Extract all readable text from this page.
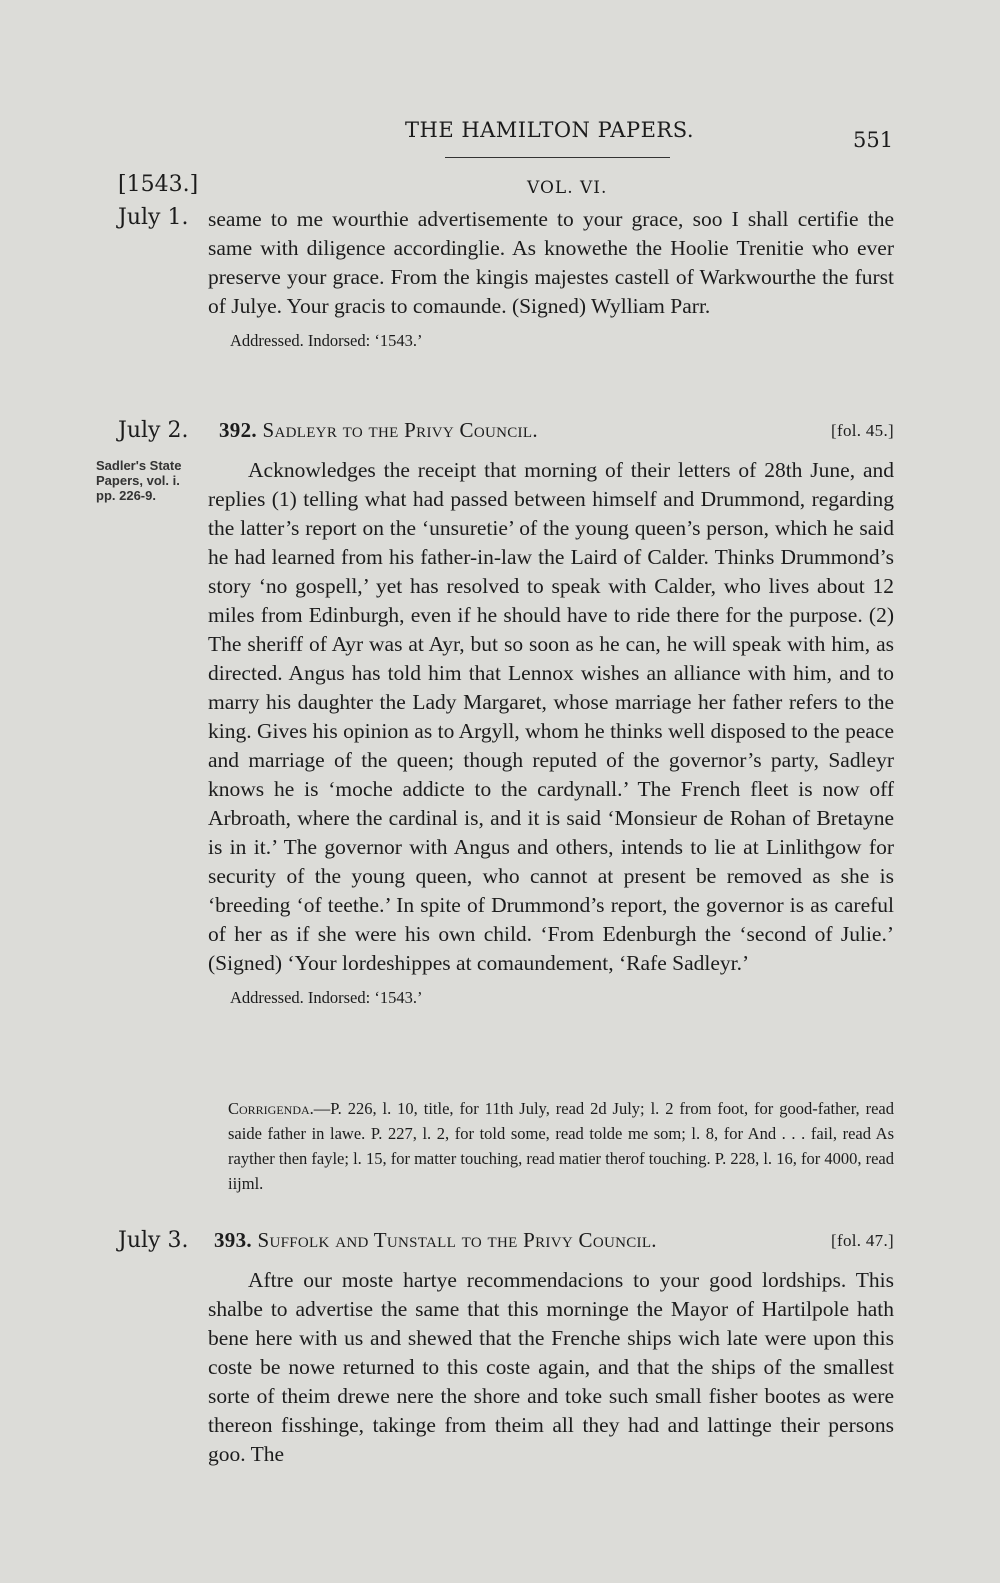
THE HAMILTON PAPERS.	551
[1543.]	VOL. VI.
July 1. seame to me wourthie advertisemente to your grace, soo I shall certifie the same with diligence accordinglie. As knowethe the Hoolie Trenitie who ever preserve your grace. From the kingis majestes castell of Warkwourthe the furst of Julye. Your gracis to comaunde. (Signed) Wylliam Parr.

Addressed. Indorsed: ‘1543.’

July 2. 392. Sadleyr to the Privy Council.	[fol. 45.]
Sadler's State
Papers, vol. i.
pp. 226-9.

Acknowledges the receipt that morning of their letters of 28th June, and replies (1) telling what had passed between himself and Drummond, regarding the latter’s report on the ‘unsuretie’ of the young queen’s person, which he said he had learned from his father-in-law the Laird of Calder. Thinks Drummond’s story ‘no gospell,’ yet has resolved to speak with Calder, who lives about 12 miles from Edinburgh, even if he should have to ride there for the purpose. (2) The sheriff of Ayr was at Ayr, but so soon as he can, he will speak with him, as directed. Angus has told him that Lennox wishes an alliance with him, and to marry his daughter the Lady Margaret, whose marriage her father refers to the king. Gives his opinion as to Argyll, whom he thinks well disposed to the peace and marriage of the queen; though reputed of the governor’s party, Sadleyr knows he is ‘moche addicte to the cardynall.’ The French fleet is now off Arbroath, where the cardinal is, and it is said ‘Monsieur de Rohan of Bretayne is in it.’ The governor with Angus and others, intends to lie at Linlithgow for security of the young queen, who cannot at present be removed as she is ‘breeding ‘of teethe.’ In spite of Drummond’s report, the governor is as careful of her as if she were his own child. ‘From Edenburgh the ‘second of Julie.’ (Signed) ‘Your lordeshippes at comaundement, ‘Rafe Sadleyr.’

Addressed. Indorsed: ‘1543.’

Corrigenda.—P. 226, l. 10, title, for 11th July, read 2d July; l. 2 from foot, for good-father, read saide father in lawe. P. 227, l. 2, for told some, read tolde me som; l. 8, for And . . . fail, read As rayther then fayle; l. 15, for matter touching, read matier therof touching. P. 228, l. 16, for 4000, read iijml.
July 3. 393. Suffolk and Tunstall to the Privy Council.	[fol. 47.]

Aftre our moste hartye recommendacions to your good lordships. This shalbe to advertise the same that this morninge the Mayor of Hartilpole hath bene here with us and shewed that the Frenche ships wich late were upon this coste be nowe returned to this coste again, and that the ships of the smallest sorte of theim drewe nere the shore and toke such small fisher bootes as were thereon fisshinge, takinge from theim all they had and lattinge their persons goo. The
